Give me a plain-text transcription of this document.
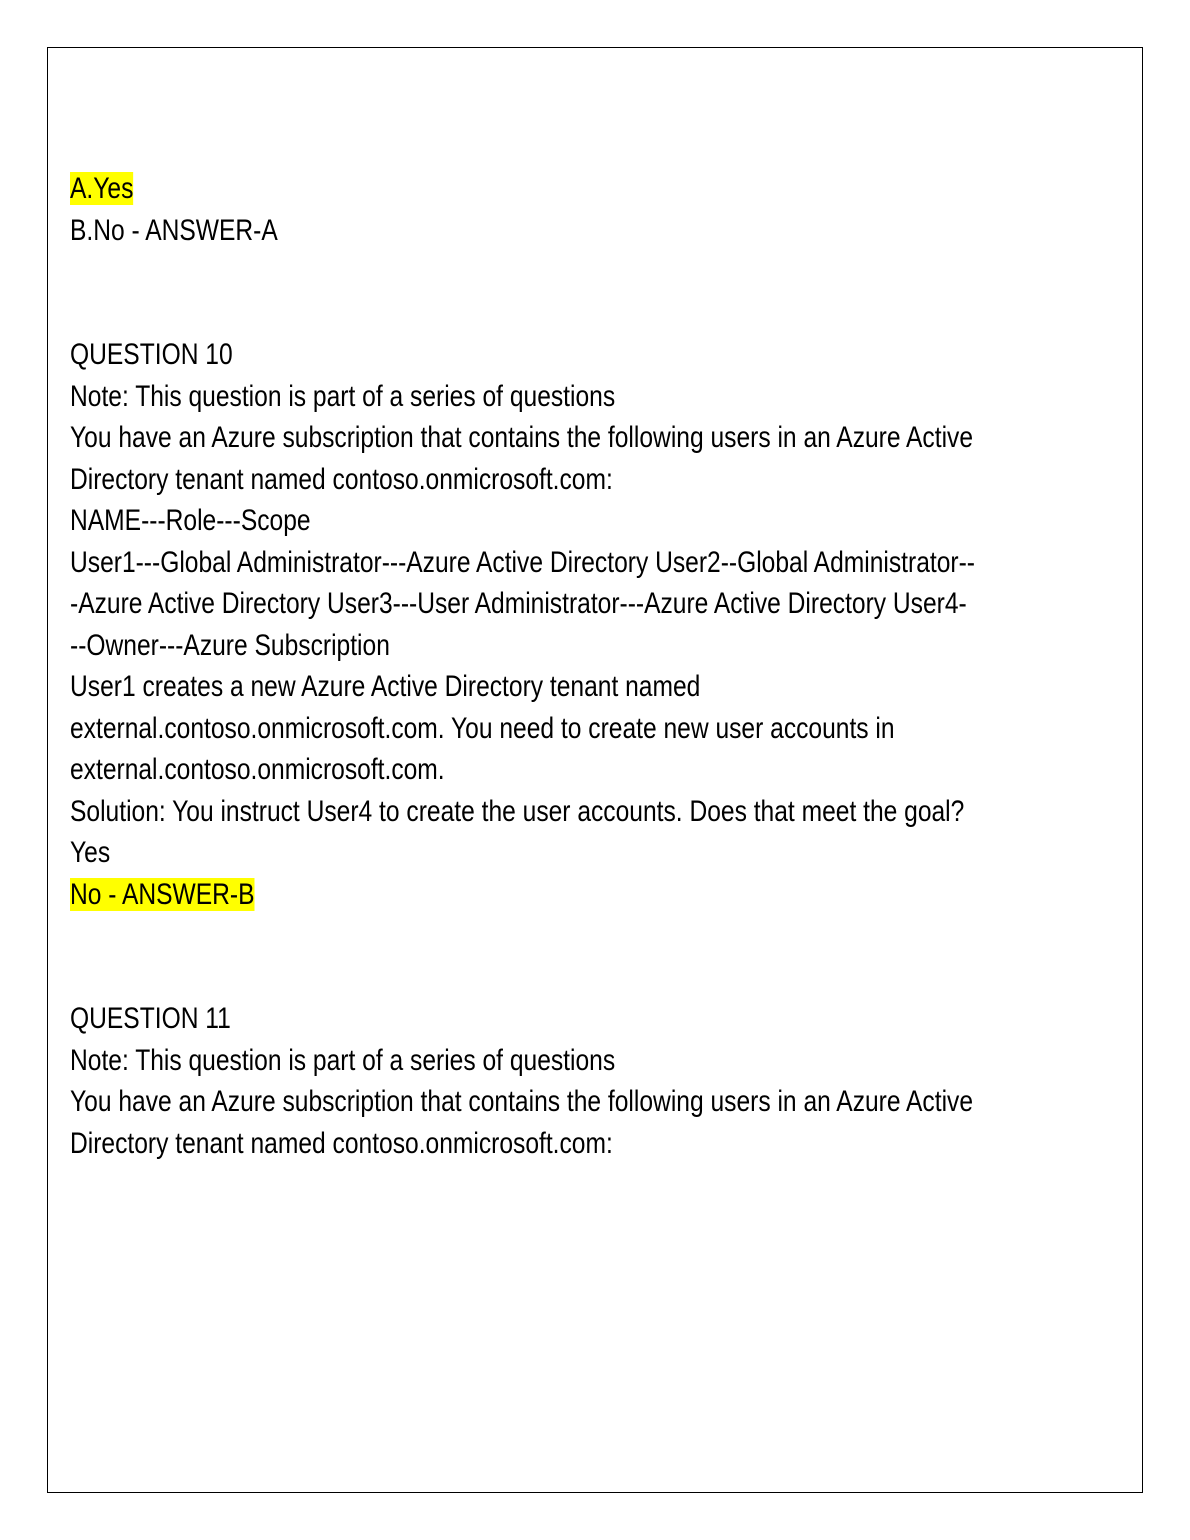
A.Yes
B.No - ANSWER-A
QUESTION 10
Note: This question is part of a series of questions
You have an Azure subscription that contains the following users in an Azure Active
Directory tenant named contoso.onmicrosoft.com:
NAME---Role---Scope
User1---Global Administrator---Azure Active Directory User2--Global Administrator--
-Azure Active Directory User3---User Administrator---Azure Active Directory User4-
--Owner---Azure Subscription
User1 creates a new Azure Active Directory tenant named
external.contoso.onmicrosoft.com. You need to create new user accounts in
external.contoso.onmicrosoft.com.
Solution: You instruct User4 to create the user accounts. Does that meet the goal?
Yes
No - ANSWER-B
QUESTION 11
Note: This question is part of a series of questions
You have an Azure subscription that contains the following users in an Azure Active
Directory tenant named contoso.onmicrosoft.com:
